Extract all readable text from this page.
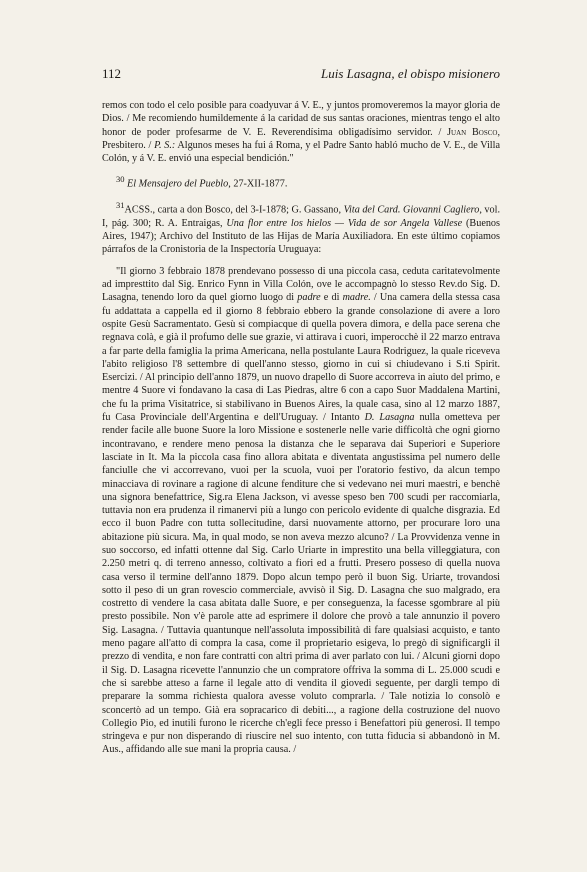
112	Luis Lasagna, el obispo misionero

remos con todo el celo posible para coadyuvar á V. E., y juntos promoveremos la mayor gloria de Dios. / Me recomiendo humildemente á la caridad de sus santas oraciones, mientras tengo el alto honor de poder profesarme de V. E. Reverendísima obligadísimo servidor. / Juan Bosco, Presbitero. / P. S.: Algunos meses ha fui á Roma, y el Padre Santo habló mucho de V. E., de Villa Colón, y á V. E. envió una especial bendición."

$^{30}$ El Mensajero del Pueblo, 27-XII-1877.

$^{31}$ACSS., carta a don Bosco, del 3-I-1878; G. Gassano, Vita del Card. Giovanni Cagliero, vol. I, pág. 300; R. A. Entraigas, Una flor entre los hielos — Vida de sor Angela Vallese (Buenos Aires, 1947); Archivo del Instituto de las Hijas de María Auxiliadora. En este último copiamos párrafos de la Cronistoria de la Inspectoría Uruguaya:

"Il giorno 3 febbraio 1878 prendevano possesso di una piccola casa, ceduta caritatevolmente ad impresttito dal Sig. Enrico Fynn in Villa Colón, ove le accompagnò lo stesso Rev.do Sig. D. Lasagna, tenendo loro da quel giorno luogo di padre e di madre. / Una camera della stessa casa fu addattata a cappella ed il giorno 8 febbraio ebbero la grande consolazione di avere a loro ospite Gesù Sacramentato. Gesù si compiacque di quella povera dimora, e della pace serena che regnava colà, e già il profumo delle sue grazie, vi attirava i cuori, imperocchè il 22 marzo entrava a far parte della famiglia la prima Americana, nella postulante Laura Rodriguez, la quale riceveva l'abito religioso l'8 settembre di quell'anno stesso, giorno in cui si chiudevano i S.ti Spirit. Esercizi. / Al principio dell'anno 1879, un nuovo drapello di Suore accorreva in aiuto del primo, e mentre 4 Suore vi fondavano la casa di Las Piedras, altre 6 con a capo Suor Maddalena Martini, che fu la prima Visitatrice, si stabilivano in Buenos Aires, la quale casa, sino al 12 marzo 1887, fu Casa Provinciale dell'Argentina e dell'Uruguay. / Intanto D. Lasagna nulla ometteva per render facile alle buone Suore la loro Missione e sostenerle nelle varie difficoltà che ogni giorno incontravano, e rendere meno penosa la distanza che le separava dai Superiori e Superiore lasciate in It. Ma la piccola casa fino allora abitata e diventata angustissima pel numero delle fanciulle che vi accorrevano, vuoi per la scuola, vuoi per l'oratorio festivo, da alcun tempo minacciava di rovinare a ragione di alcune fenditure che si vedevano nei muri maestri, e benchè una signora benefattrice, Sig.ra Elena Jackson, vi avesse speso ben 700 scudi per raccomiarla, tuttavia non era prudenza il rimanervi più a lungo con pericolo evidente di qualche disgrazia. Ed ecco il buon Padre con tutta sollecitudine, darsi nuovamente attorno, per procurare loro una abitazione più sicura. Ma, in qual modo, se non aveva mezzo alcuno? / La Provvidenza venne in suo soccorso, ed infatti ottenne dal Sig. Carlo Uriarte in imprestito una bella villeggiatura, con 2.250 metri q. di terreno annesso, coltivato a fiori ed a frutti. Presero posseso di quella nuova casa verso il termine dell'anno 1879. Dopo alcun tempo però il buon Sig. Uriarte, trovandosi sotto il peso di un gran rovescio commerciale, avvisò il Sig. D. Lasagna che suo malgrado, era costretto di vendere la casa abitata dalle Suore, e per conseguenza, la facesse sgombrare al più presto possibile. Non v'è parole atte ad esprimere il dolore che provò a tale annunzio il povero Sig. Lasagna. / Tuttavia quantunque nell'assoluta impossibilità di fare qualsiasi acquisto, e tanto meno pagare all'atto di compra la casa, come il proprietario esigeva, lo pregò di significargli il prezzo di vendita, e non fare contratti con altri prima di aver parlato con lui. / Alcuni giorni dopo il Sig. D. Lasagna ricevette l'annunzio che un compratore offriva la somma di L. 25.000 scudi e che si sarebbe atteso a farne il legale atto di vendita il giovedì seguente, per dargli tempo di preparare la somma richiesta qualora avesse voluto comprarla. / Tale notizia lo consolò e sconcertò ad un tempo. Già era sopracarico di debiti..., a ragione della costruzione del nuovo Collegio Pio, ed inutili furono le ricerche ch'egli fece presso i Benefattori più generosi. Il tempo stringeva e pur non disperando di riuscire nel suo intento, con tutta fiducia si abbandonò in M. Aus., affidando alle sue mani la propria causa. /
